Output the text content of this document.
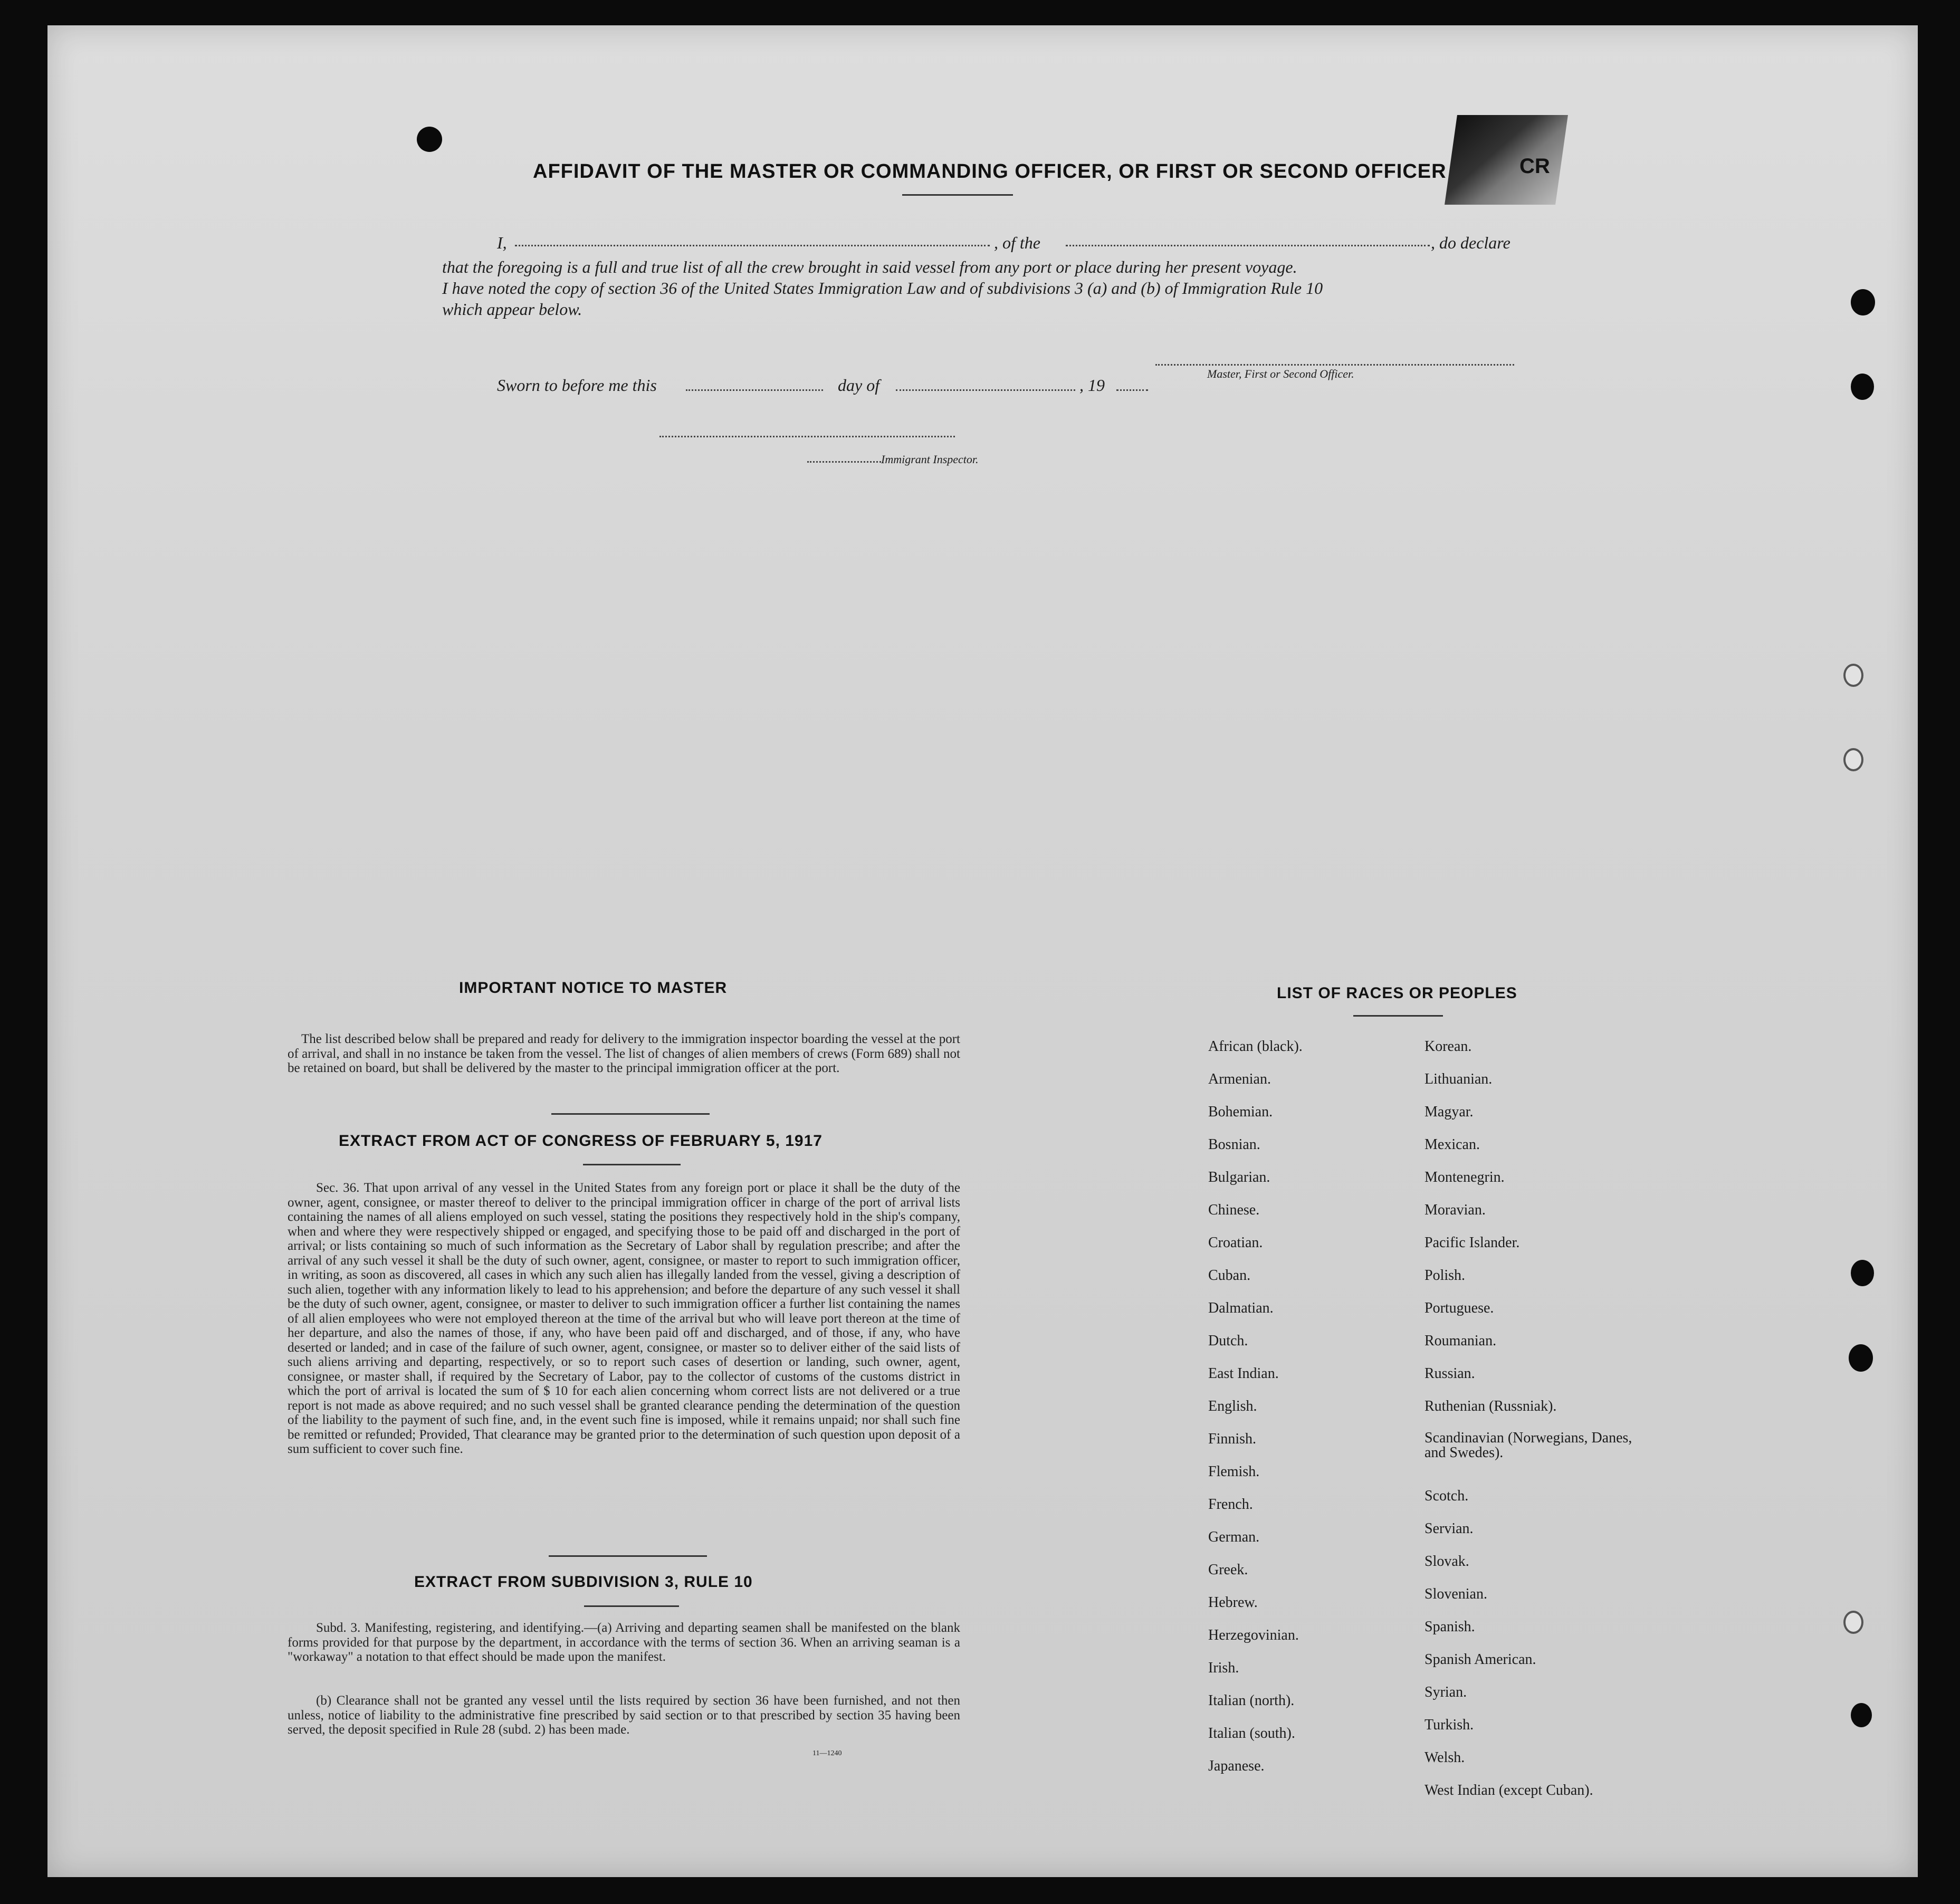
CR
AFFIDAVIT OF THE MASTER OR COMMANDING OFFICER, OR FIRST OR SECOND OFFICER
I,	, of the	, do declare
that the foregoing is a full and true list of all the crew brought in said vessel from any port or place during her present voyage.
I have noted the copy of section 36 of the United States Immigration Law and of subdivisions 3 (a) and (b) of Immigration Rule 10
which appear below.
Master, First or Second Officer.
Sworn to before me this	day of	, 19
Immigrant Inspector.
IMPORTANT NOTICE TO MASTER
The list described below shall be prepared and ready for delivery to the immigration inspector boarding the vessel at the port of arrival, and shall in no instance be taken from the vessel. The list of changes of alien members of crews (Form 689) shall not be retained on board, but shall be delivered by the master to the principal immigration officer at the port.
EXTRACT FROM ACT OF CONGRESS OF FEBRUARY 5, 1917
Sec. 36. That upon arrival of any vessel in the United States from any foreign port or place it shall be the duty of the owner, agent, consignee, or master thereof to deliver to the principal immigration officer in charge of the port of arrival lists containing the names of all aliens employed on such vessel, stating the positions they respectively hold in the ship's company, when and where they were respectively shipped or engaged, and specifying those to be paid off and discharged in the port of arrival; or lists containing so much of such information as the Secretary of Labor shall by regulation prescribe; and after the arrival of any such vessel it shall be the duty of such owner, agent, consignee, or master to report to such immigration officer, in writing, as soon as discovered, all cases in which any such alien has illegally landed from the vessel, giving a description of such alien, together with any information likely to lead to his apprehension; and before the departure of any such vessel it shall be the duty of such owner, agent, consignee, or master to deliver to such immigration officer a further list containing the names of all alien employees who were not employed thereon at the time of the arrival but who will leave port thereon at the time of her departure, and also the names of those, if any, who have been paid off and discharged, and of those, if any, who have deserted or landed; and in case of the failure of such owner, agent, consignee, or master so to deliver either of the said lists of such aliens arriving and departing, respectively, or so to report such cases of desertion or landing, such owner, agent, consignee, or master shall, if required by the Secretary of Labor, pay to the collector of customs of the customs district in which the port of arrival is located the sum of $ 10 for each alien concerning whom correct lists are not delivered or a true report is not made as above required; and no such vessel shall be granted clearance pending the determination of the question of the liability to the payment of such fine, and, in the event such fine is imposed, while it remains unpaid; nor shall such fine be remitted or refunded; Provided, That clearance may be granted prior to the determination of such question upon deposit of a sum sufficient to cover such fine.
EXTRACT FROM SUBDIVISION 3, RULE 10
Subd. 3. Manifesting, registering, and identifying.—(a) Arriving and departing seamen shall be manifested on the blank forms provided for that purpose by the department, in accordance with the terms of section 36. When an arriving seaman is a "workaway" a notation to that effect should be made upon the manifest.
(b) Clearance shall not be granted any vessel until the lists required by section 36 have been furnished, and not then unless, notice of liability to the administrative fine prescribed by said section or to that prescribed by section 35 having been served, the deposit specified in Rule 28 (subd. 2) has been made.
11—1240
LIST OF RACES OR PEOPLES
African (black).
Armenian.
Bohemian.
Bosnian.
Bulgarian.
Chinese.
Croatian.
Cuban.
Dalmatian.
Dutch.
East Indian.
English.
Finnish.
Flemish.
French.
German.
Greek.
Hebrew.
Herzegovinian.
Irish.
Italian (north).
Italian (south).
Japanese.
Korean.
Lithuanian.
Magyar.
Mexican.
Montenegrin.
Moravian.
Pacific Islander.
Polish.
Portuguese.
Roumanian.
Russian.
Ruthenian (Russniak).
Scandinavian (Norwegians, Danes, and Swedes).
Scotch.
Servian.
Slovak.
Slovenian.
Spanish.
Spanish American.
Syrian.
Turkish.
Welsh.
West Indian (except Cuban).
